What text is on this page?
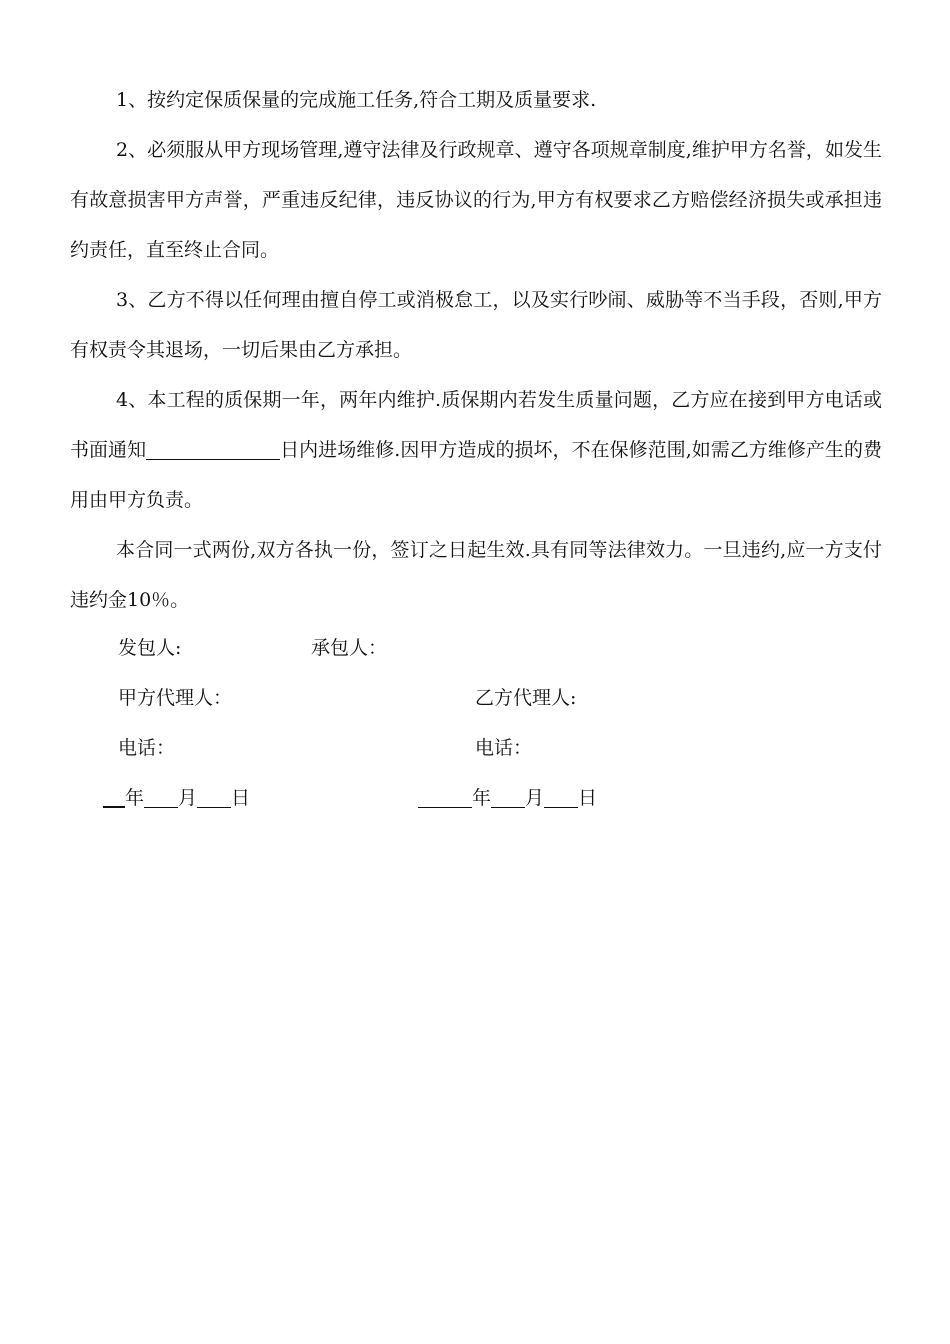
1、按约定保质保量的完成施工任务,符合工期及质量要求.

2、必须服从甲方现场管理,遵守法律及行政规章、遵守各项规章制度,维护甲方名誉，如发生有故意损害甲方声誉，严重违反纪律，违反协议的行为,甲方有权要求乙方赔偿经济损失或承担违约责任，直至终止合同。

3、乙方不得以任何理由擅自停工或消极怠工，以及实行吵闹、威胁等不当手段，否则,甲方有权责令其退场，一切后果由乙方承担。

4、本工程的质保期一年，两年内维护.质保期内若发生质量问题，乙方应在接到甲方电话或书面通知	日内进场维修.因甲方造成的损坏，不在保修范围,如需乙方维修产生的费用由甲方负责。

本合同一式两份,双方各执一份，签订之日起生效.具有同等法律效力。一旦违约,应一方支付违约金10％。

发包人:	承包人：
甲方代理人：	乙方代理人:
电话：	电话：
年 月 日	年 月 日
